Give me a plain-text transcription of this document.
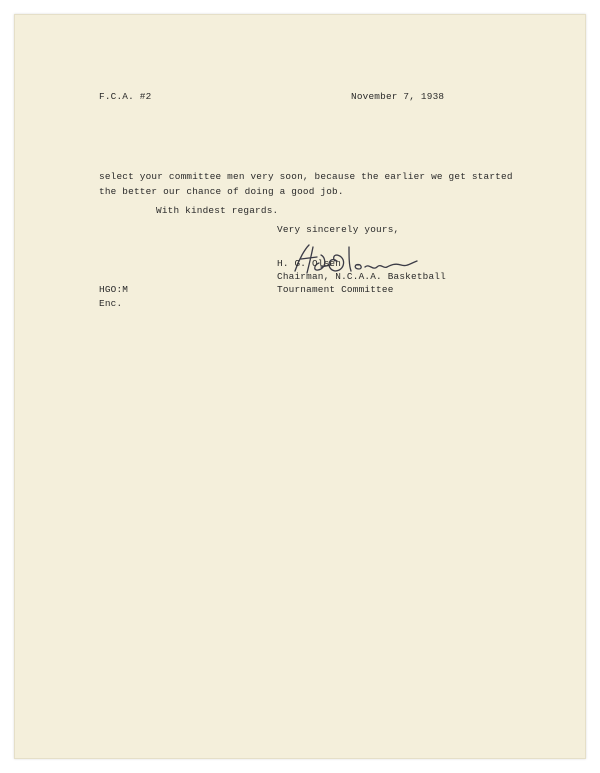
F.C.A. #2	November 7, 1938
select your committee men very soon, because the earlier we get started
the better our chance of doing a good job.
With kindest regards.
Very sincerely yours,
H. G. Olsen
Chairman, N.C.A.A. Basketball
Tournament Committee
HGO:M
Enc.
